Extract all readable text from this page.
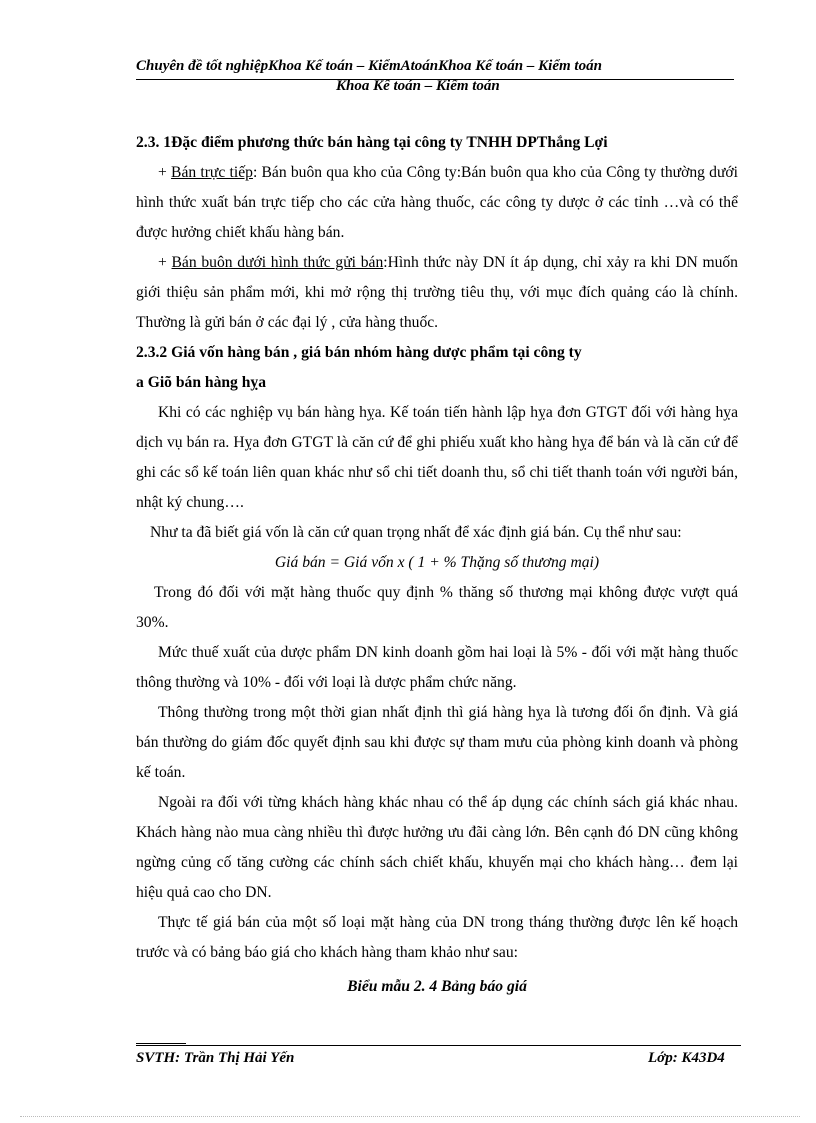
Chuyên đề tốt nghiệpKhoa Kế toán – KiểmAtoánKhoa Kế toán – Kiểm toán
Khoa Kế toán – Kiểm toán

2.3. 1Đặc điểm phương thức bán hàng tại công ty TNHH DPThắng Lợi

+ Bán trực tiếp: Bán buôn qua kho của Công ty:Bán buôn qua kho của Công ty thường dưới hình thức xuất bán trực tiếp cho các cửa hàng thuốc, các công ty dược ở các tỉnh …và có thể được hưởng chiết khấu hàng bán.

+ Bán buôn dưới hình thức gửi bán:Hình thức này DN ít áp dụng, chỉ xảy ra khi DN muốn giới thiệu sản phẩm mới, khi mở rộng thị trường tiêu thụ, với mục đích quảng cáo là chính. Thường là gửi bán ở các đại lý , cửa hàng thuốc.

2.3.2 Giá vốn hàng bán , giá bán nhóm hàng dược phẩm tại công ty

a Giõ bán hàng hỵa

Khi có các nghiệp vụ bán hàng hỵa. Kế toán tiến hành lập hỵa đơn GTGT đối với hàng hỵa dịch vụ bán ra. Hỵa đơn GTGT là căn cứ để ghi phiếu xuất kho hàng hỵa để bán và là căn cứ để ghi các sổ kế toán liên quan khác như sổ chi tiết doanh thu, sổ chi tiết thanh toán với người bán, nhật ký chung….

Như ta đã biết giá vốn là căn cứ quan trọng nhất để xác định giá bán. Cụ thể như sau:

Giá bán = Giá vốn x ( 1 + % Thặng số thương mại)

Trong đó đối với mặt hàng thuốc quy định % thăng số thương mại không được vượt quá 30%.

Mức thuế xuất của dược phẩm DN kinh doanh gồm hai loại là 5% - đối với mặt hàng thuốc thông thường và 10% - đối với loại là dược phẩm chức năng.

Thông thường trong một thời gian nhất định thì giá hàng hỵa là tương đối ổn định. Và giá bán thường do giám đốc quyết định sau khi được sự tham mưu của phòng kinh doanh và phòng kế toán.

Ngoài ra đối với từng khách hàng khác nhau có thể áp dụng các chính sách giá khác nhau. Khách hàng nào mua càng nhiều thì được hưởng ưu đãi càng lớn. Bên cạnh đó DN cũng không ngừng củng cố tăng cường các chính sách chiết khấu, khuyến mại cho khách hàng… đem lại hiệu quả cao cho DN.

Thực tế giá bán của một số loại mặt hàng của DN trong tháng thường được lên kế hoạch trước và có bảng báo giá cho khách hàng tham khảo như sau:

Biểu mẫu 2. 4 Bảng báo giá

SVTH: Trần Thị Hải Yến	Lớp: K43D4
